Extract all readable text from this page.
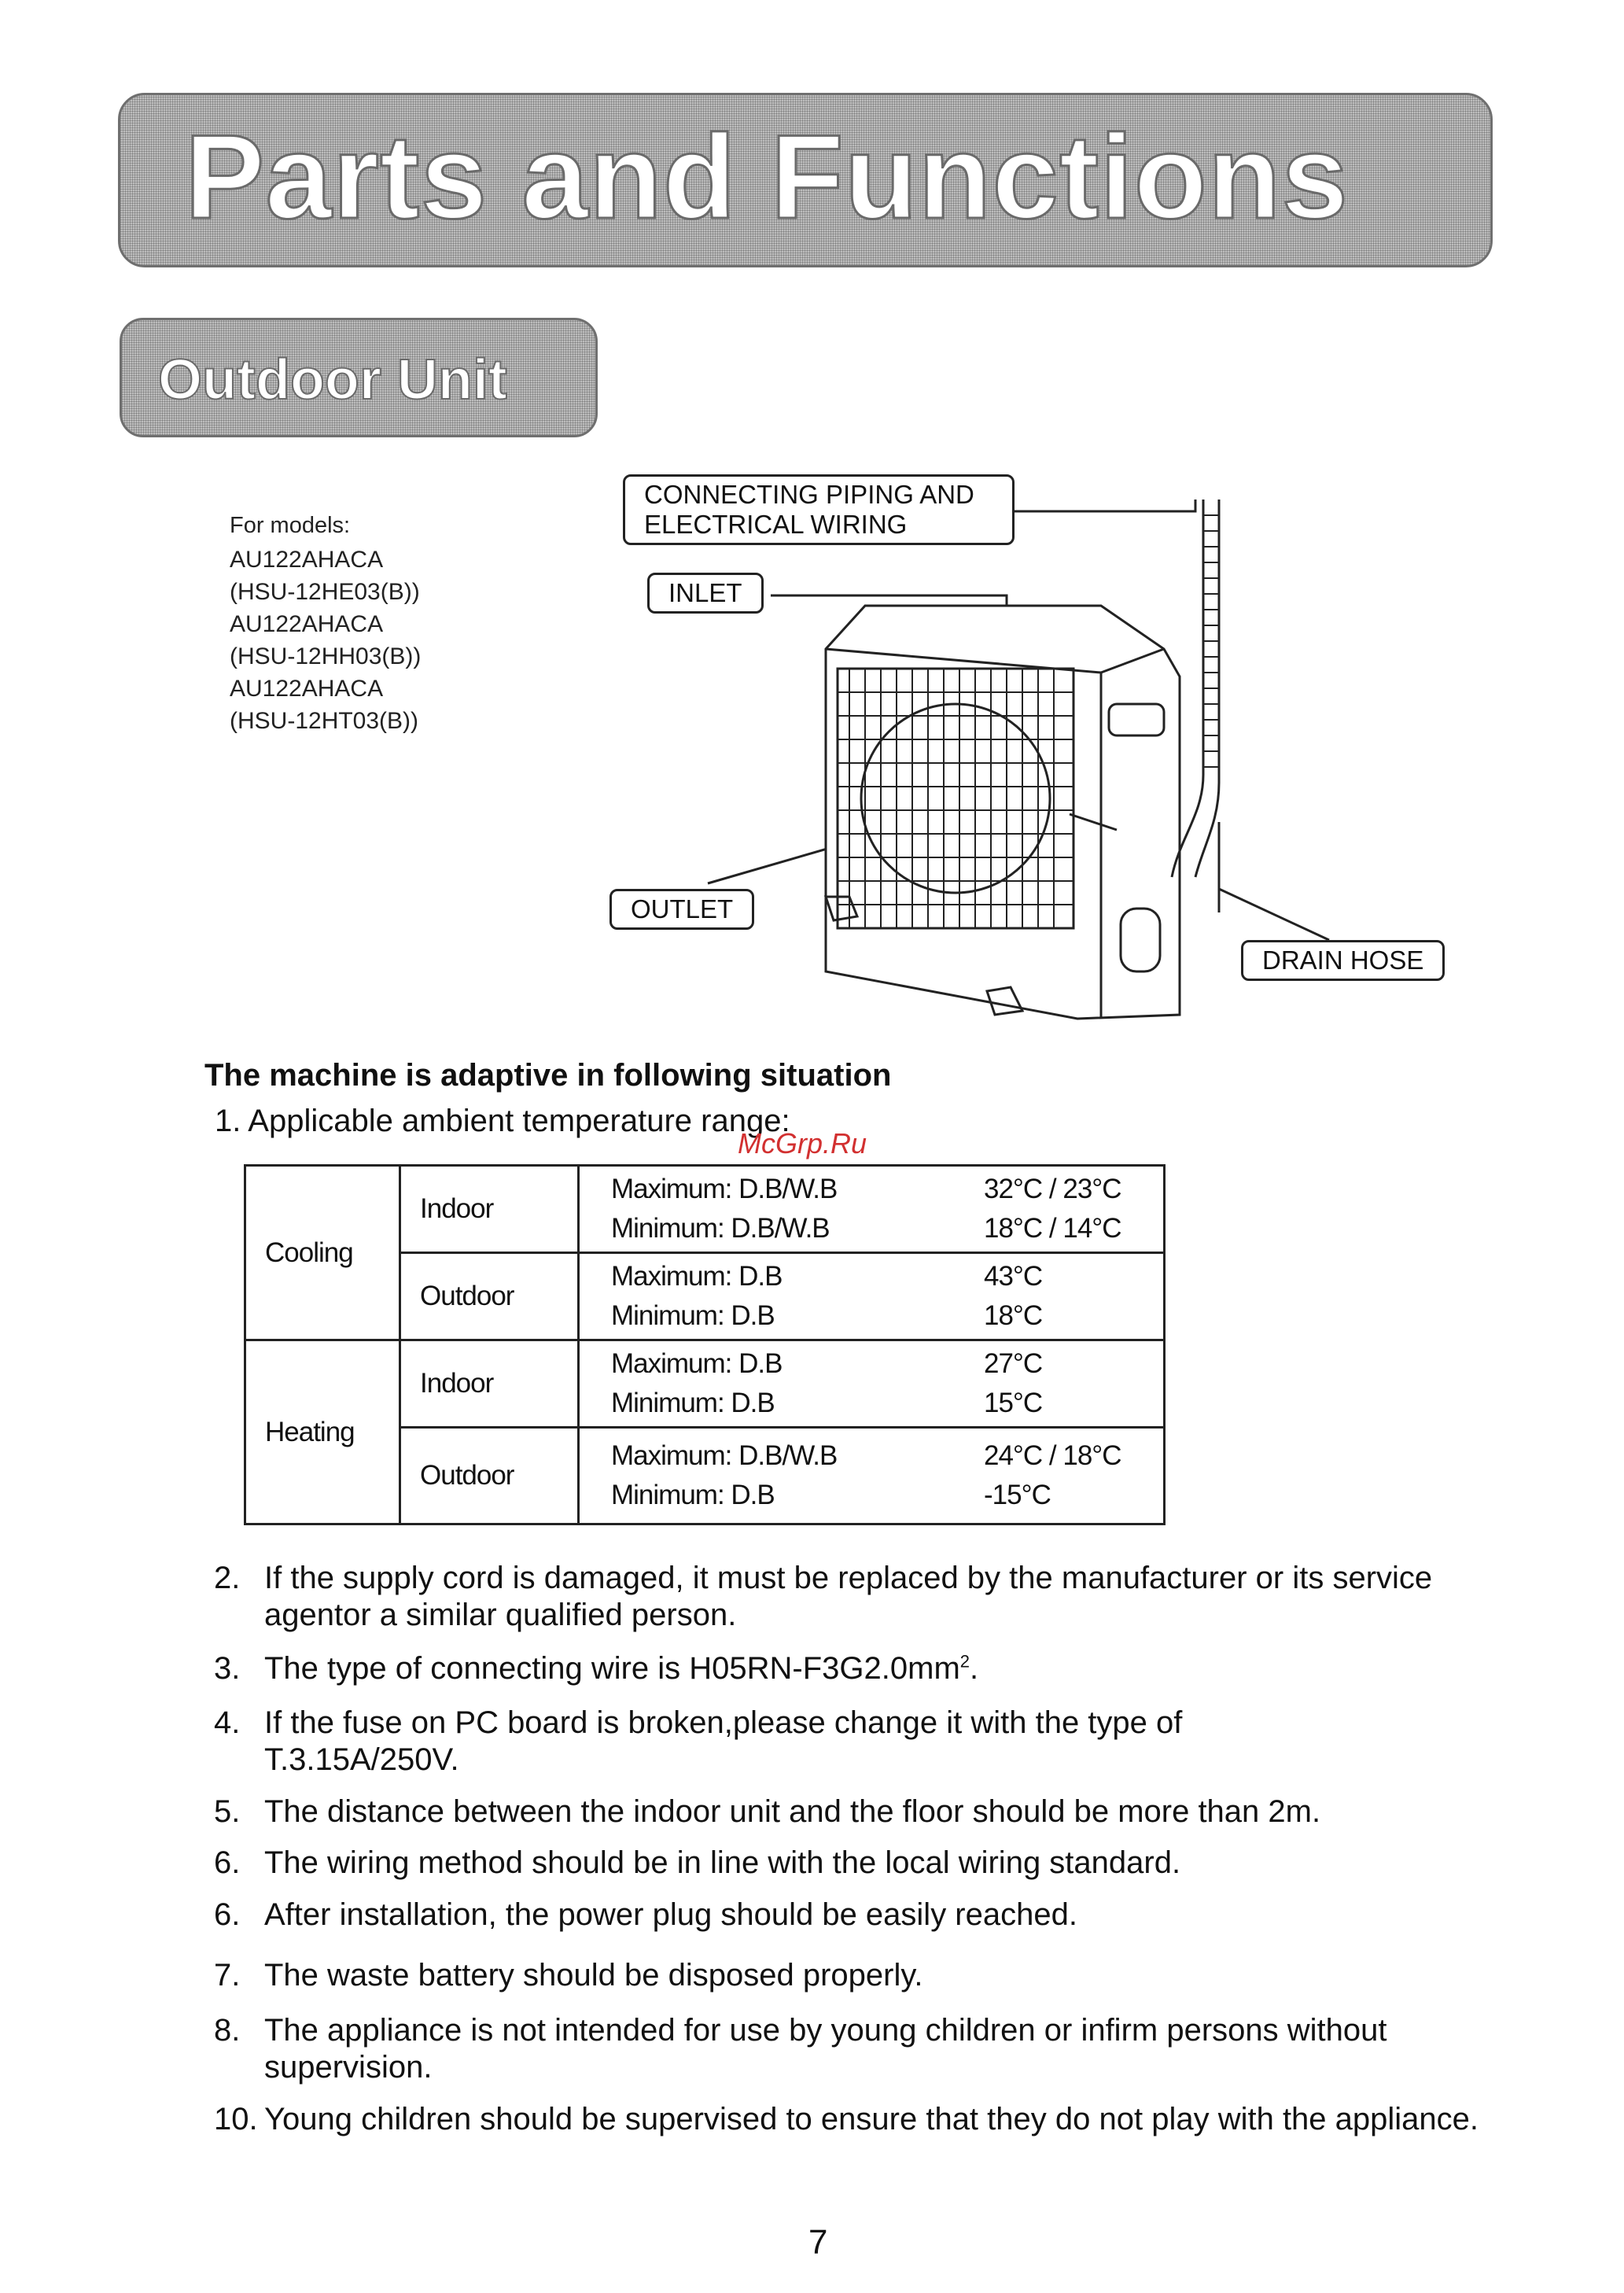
Parts and Functions
Outdoor Unit
For models:
AU122AHACA
(HSU-12HE03(B))
AU122AHACA
(HSU-12HH03(B))
AU122AHACA
(HSU-12HT03(B))
CONNECTING PIPING AND
ELECTRICAL WIRING
INLET
OUTLET
DRAIN HOSE
The machine is adaptive in following situation
1. Applicable ambient temperature range:
McGrp.Ru
Cooling	Indoor	Maximum: D.B/W.B 32°C / 23°C
Minimum: D.B/W.B 18°C / 14°C

	Outdoor	Maximum: D.B 43°C
Minimum: D.B 18°C

Heating	Indoor	Maximum: D.B 27°C
Minimum: D.B 15°C

	Outdoor	Maximum: D.B/W.B 24°C / 18°C
Minimum: D.B -15°C
2. If the supply cord is damaged, it must be replaced by the manufacturer or its service agentor a similar qualified person.
3. The type of connecting wire is $H05RN-F3G2.0mm^2$.
4. If the fuse on PC board is broken,please change it with the type of T.3.15A/250V.
5. The distance between the indoor unit and the floor should be more than 2m.
6. The wiring method should be in line with the local wiring standard.
6. After installation, the power plug should be easily reached.
7. The waste battery should be disposed properly.
8. The appliance is not intended for use by young children or infirm persons without supervision.
10. Young children should be supervised to ensure that they do not play with the appliance.
7
